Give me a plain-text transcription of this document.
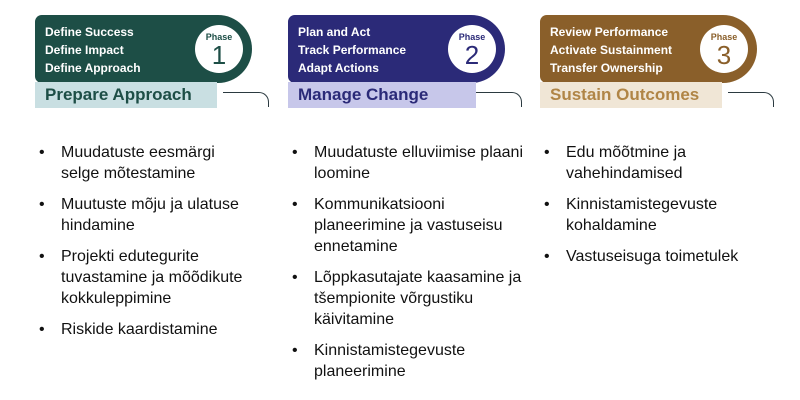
Define Success
Define Impact
Define Approach
Phase
1
Prepare Approach
• Muudatuste eesmärgi selge mõtestamine
• Muutuste mõju ja ulatuse hindamine
• Projekti edutegurite tuvastamine ja mõõdikute kokkuleppimine
• Riskide kaardistamine
Plan and Act
Track Performance
Adapt Actions
Phase
2
Manage Change
• Muudatuste elluviimise plaani loomine
• Kommunikatsiooni planeerimine ja vastuseisu ennetamine
• Lõppkasutajate kaasamine ja tšempionite võrgustiku käivitamine
• Kinnistamistegevuste planeerimine
Review Performance
Activate Sustainment
Transfer Ownership
Phase
3
Sustain Outcomes
• Edu mõõtmine ja vahehindamised
• Kinnistamistegevuste kohaldamine
• Vastuseisuga toimetulek
